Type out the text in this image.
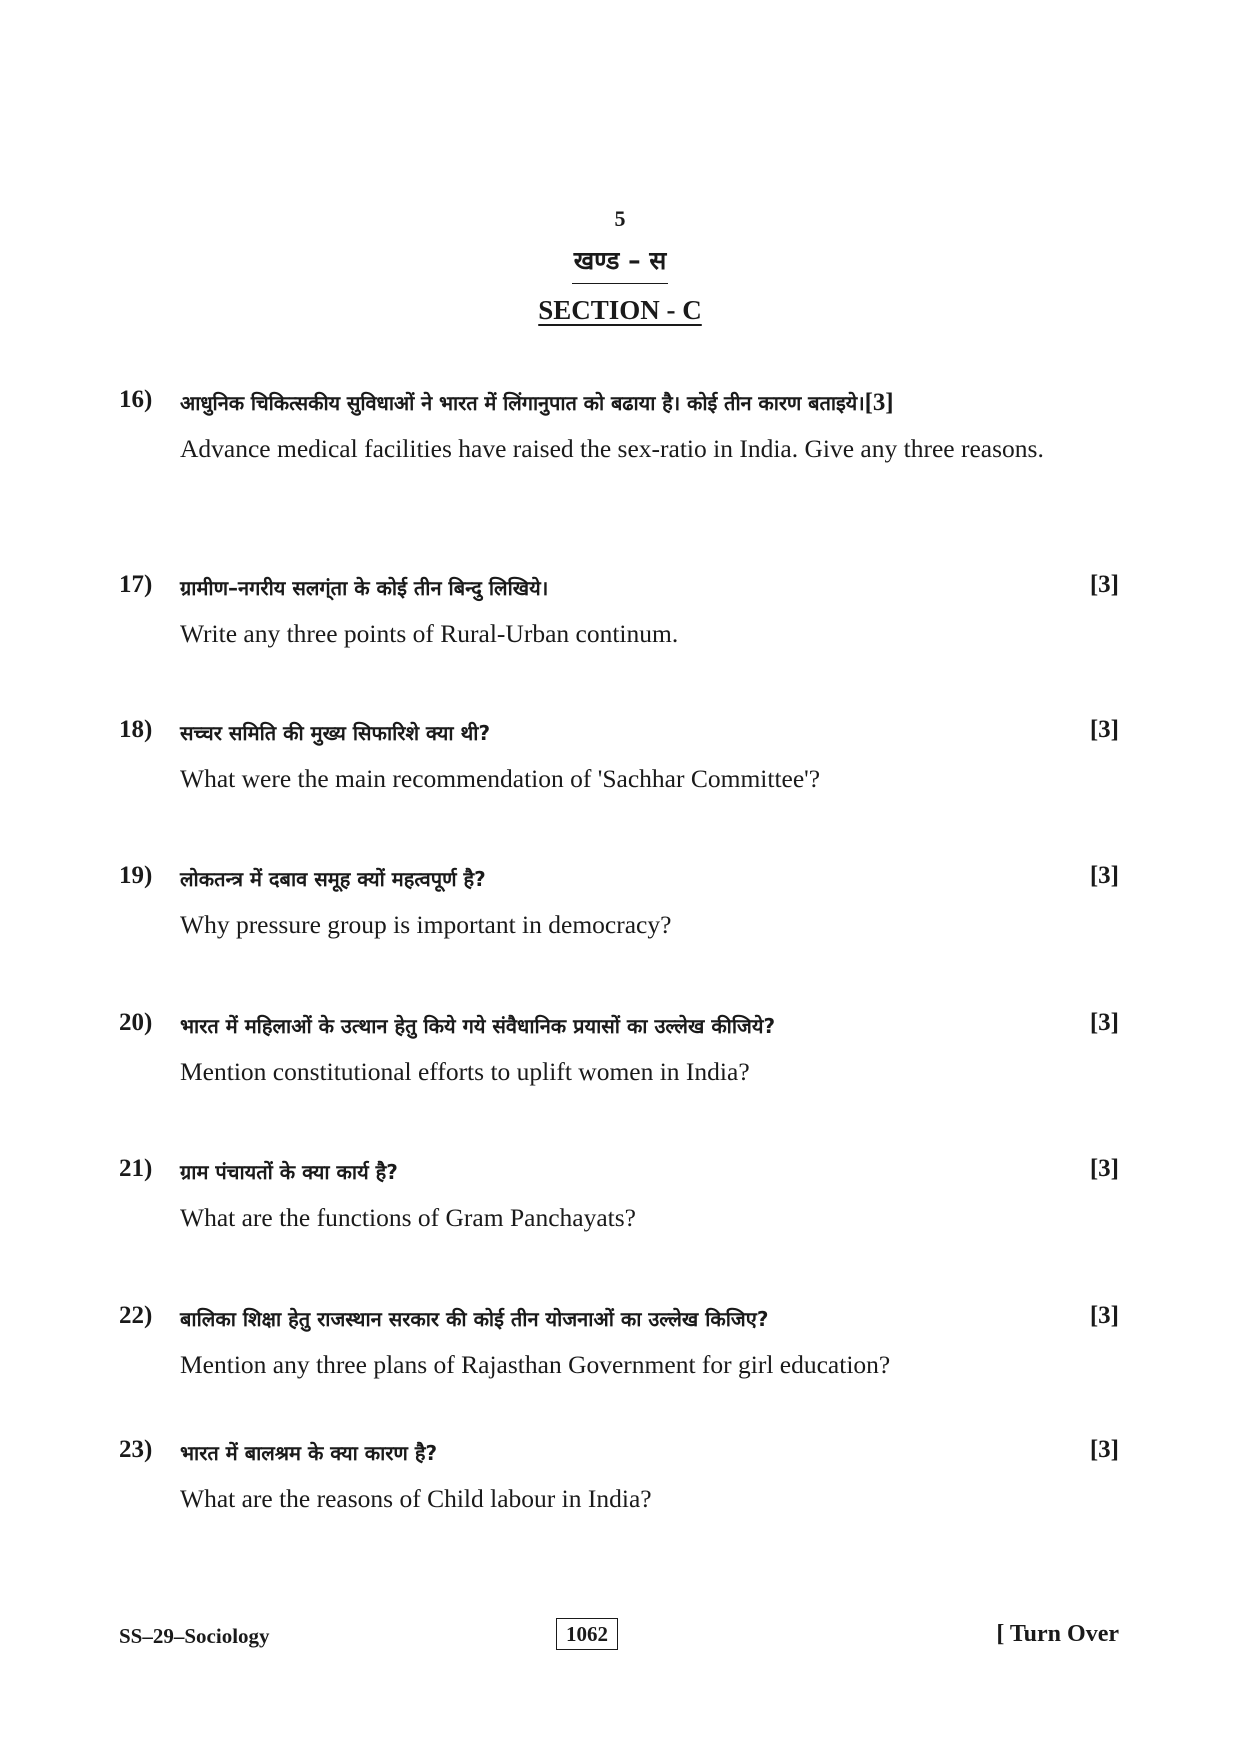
5
खण्ड – स
SECTION - C
16) आधुनिक चिकित्सकीय सुविधाओं ने भारत में लिंगानुपात को बढाया है। कोई तीन कारण बताइये।[3]
Advance medical facilities have raised the sex-ratio in India. Give any three reasons.
17) ग्रामीण–नगरीय सलग्ंता के कोई तीन बिन्दु लिखिये।	[3]
Write any three points of Rural-Urban continum.
18) सच्चर समिति की मुख्य सिफारिशे क्या थी?	[3]
What were the main recommendation of 'Sachhar Committee'?
19) लोकतन्त्र में दबाव समूह क्यों महत्वपूर्ण है?	[3]
Why pressure group is important in democracy?
20) भारत में महिलाओं के उत्थान हेतु किये गये संवैधानिक प्रयासों का उल्लेख कीजिये?	[3]
Mention constitutional efforts to uplift women in India?
21) ग्राम पंचायतों के क्या कार्य है?	[3]
What are the functions of Gram Panchayats?
22) बालिका शिक्षा हेतु राजस्थान सरकार की कोई तीन योजनाओं का उल्लेख किजिए?	[3]
Mention any three plans of Rajasthan Government for girl education?
23) भारत में बालश्रम के क्या कारण है?	[3]
What are the reasons of Child labour in India?
SS–29–Sociology	1062	[ Turn Over
